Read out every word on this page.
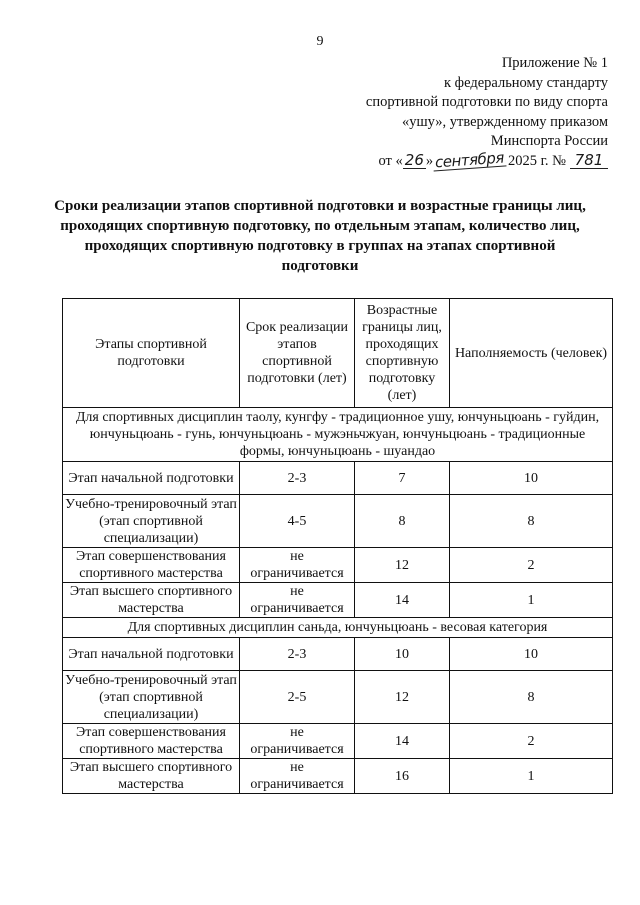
9
Приложение № 1
к федеральному стандарту
спортивной подготовки по виду спорта
«ушу», утвержденному приказом
Минспорта России
от « 26 » сентября 2025 г. № 781
Сроки реализации этапов спортивной подготовки и возрастные границы лиц, проходящих спортивную подготовку, по отдельным этапам, количество лиц, проходящих спортивную подготовку в группах на этапах спортивной подготовки
Этапы спортивной подготовки	Срок реализации этапов спортивной подготовки (лет)	Возрастные границы лиц, проходящих спортивную подготовку (лет)	Наполняемость (человек)
Для спортивных дисциплин таолу, кунгфу - традиционное ушу, юнчуньцюань - гуйдин, юнчуньцюань - гунь, юнчуньцюань - мужэньчжуан, юнчуньцюань - традиционные формы, юнчуньцюань - шуандао			
Этап начальной подготовки	2-3	7	10
Учебно-тренировочный этап (этап спортивной специализации)	4-5	8	8
Этап совершенствования спортивного мастерства	не ограничивается	12	2
Этап высшего спортивного мастерства	не ограничивается	14	1
Для спортивных дисциплин саньда, юнчуньцюань - весовая категория			
Этап начальной подготовки	2-3	10	10
Учебно-тренировочный этап (этап спортивной специализации)	2-5	12	8
Этап совершенствования спортивного мастерства	не ограничивается	14	2
Этап высшего спортивного мастерства	не ограничивается	16	1
